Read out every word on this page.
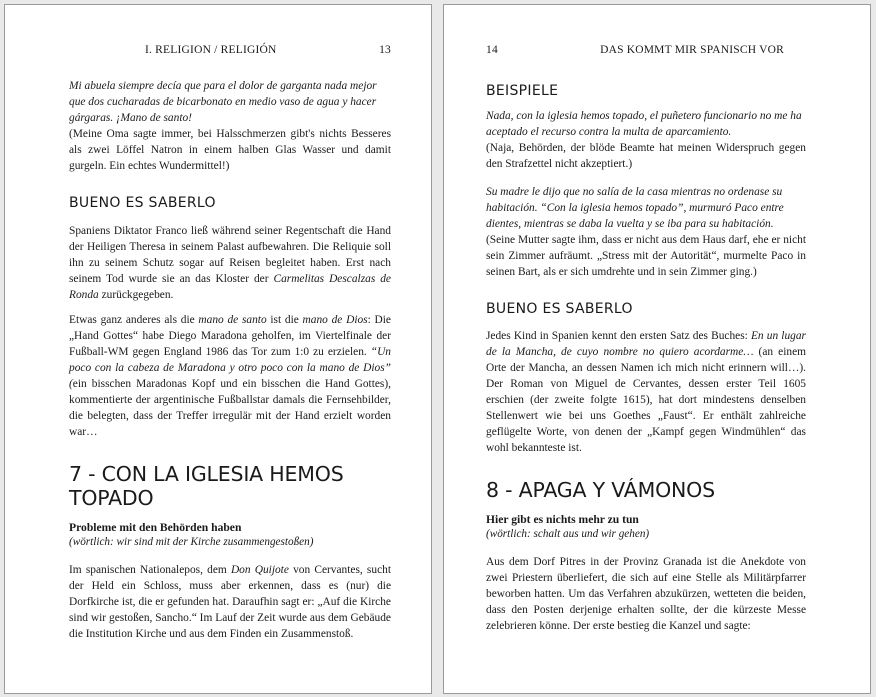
I. RELIGION / RELIGIÓN	13

Mi abuela siempre decía que para el dolor de garganta nada mejor que dos cucharadas de bicarbonato en medio vaso de agua y hacer gárgaras. ¡Mano de santo!

(Meine Oma sagte immer, bei Halsschmerzen gibt's nichts Besseres als zwei Löffel Natron in einem halben Glas Wasser und damit gurgeln. Ein echtes Wundermittel!)

BUENO ES SABERLO

Spaniens Diktator Franco ließ während seiner Regentschaft die Hand der Heiligen Theresa in seinem Palast aufbewahren. Die Reliquie soll ihn zu seinem Schutz sogar auf Reisen begleitet haben. Erst nach seinem Tod wurde sie an das Kloster der Carmelitas Descalzas de Ronda zurückgegeben.

Etwas ganz anderes als die mano de santo ist die mano de Dios: Die „Hand Gottes“ habe Diego Maradona geholfen, im Viertelfinale der Fußball-WM gegen England 1986 das Tor zum 1:0 zu erzielen. “Un poco con la cabeza de Maradona y otro poco con la mano de Dios” (ein bisschen Maradonas Kopf und ein bisschen die Hand Gottes), kommentierte der argentinische Fußballstar damals die Fernsehbilder, die belegten, dass der Treffer irregulär mit der Hand erzielt worden war…

7 - CON LA IGLESIA HEMOS TOPADO

Probleme mit den Behörden haben

(wörtlich: wir sind mit der Kirche zusammengestoßen)

Im spanischen Nationalepos, dem Don Quijote von Cervantes, sucht der Held ein Schloss, muss aber erkennen, dass es (nur) die Dorfkirche ist, die er gefunden hat. Daraufhin sagt er: „Auf die Kirche sind wir gestoßen, Sancho.“ Im Lauf der Zeit wurde aus dem Gebäude die Institution Kirche und aus dem Finden ein Zusammenstoß.

14	DAS KOMMT MIR SPANISCH VOR
BEISPIELE

Nada, con la iglesia hemos topado, el puñetero funcionario no me ha aceptado el recurso contra la multa de aparcamiento.

(Naja, Behörden, der blöde Beamte hat meinen Widerspruch gegen den Strafzettel nicht akzeptiert.)

Su madre le dijo que no salía de la casa mientras no ordenase su habitación. “Con la iglesia hemos topado”, murmuró Paco entre dientes, mientras se daba la vuelta y se iba para su habitación.

(Seine Mutter sagte ihm, dass er nicht aus dem Haus darf, ehe er nicht sein Zimmer aufräumt. „Stress mit der Autorität“, murmelte Paco in seinen Bart, als er sich umdrehte und in sein Zimmer ging.)

BUENO ES SABERLO

Jedes Kind in Spanien kennt den ersten Satz des Buches: En un lugar de la Mancha, de cuyo nombre no quiero acordarme… (an einem Orte der Mancha, an dessen Namen ich mich nicht erinnern will…). Der Roman von Miguel de Cervantes, dessen erster Teil 1605 erschien (der zweite folgte 1615), hat dort mindestens denselben Stellenwert wie bei uns Goethes „Faust“. Er enthält zahlreiche geflügelte Worte, von denen der „Kampf gegen Windmühlen“ das wohl bekannteste ist.

8 - APAGA Y VÁMONOS

Hier gibt es nichts mehr zu tun

(wörtlich: schalt aus und wir gehen)

Aus dem Dorf Pitres in der Provinz Granada ist die Anekdote von zwei Priestern überliefert, die sich auf eine Stelle als Militärpfarrer beworben hatten. Um das Verfahren abzukürzen, wetteten die beiden, dass den Posten derjenige erhalten sollte, der die kürzeste Messe zelebrieren könne. Der erste bestieg die Kanzel und sagte:
